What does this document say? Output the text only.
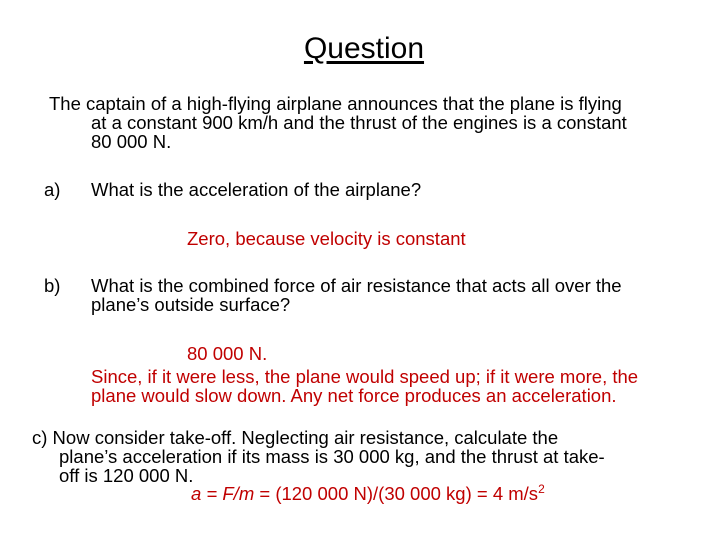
Question
The captain of a high-flying airplane announces that the plane is flying
at a constant 900 km/h and the thrust of the engines is a constant
80 000 N.
a) What is the acceleration of the airplane?
Zero, because velocity is constant
b) What is the combined force of air resistance that acts all over the
plane’s outside surface?
80 000 N.
Since, if it were less, the plane would speed up; if it were more, the
plane would slow down. Any net force produces an acceleration.
c) Now consider take-off. Neglecting air resistance, calculate the
plane’s acceleration if its mass is 30 000 kg, and the thrust at take-
off is 120 000 N.
a = F/m = (120 000 N)/(30 000 kg) = 4 $m/s^2$
